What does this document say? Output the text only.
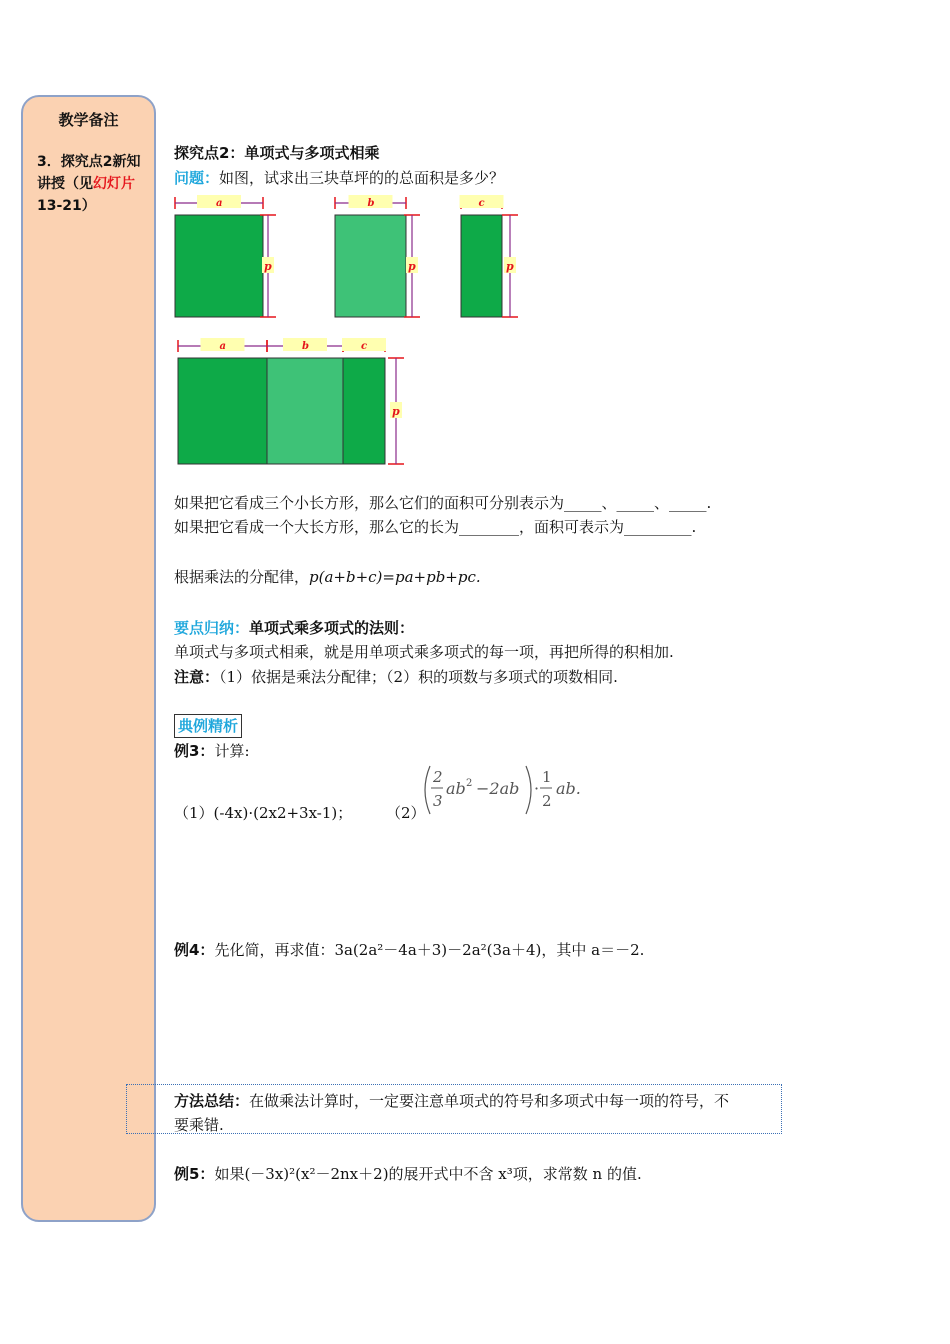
教学备注
3．探究点2新知讲授（见幻灯片13-21）
探究点2：单项式与多项式相乘
问题：如图，试求出三块草坪的的总面积是多少？
a
p
a	b	c
p
b
p
c
p
如果把它看成三个小长方形，那么它们的面积可分别表示为_____、_____、_____.
如果把它看成一个大长方形，那么它的长为________，面积可表示为_________.
根据乘法的分配律，p(a+b+c)=pa+pb+pc.
要点归纳：单项式乘多项式的法则：
单项式与多项式相乘，就是用单项式乘多项式的每一项，再把所得的积相加.
注意：（1）依据是乘法分配律；（2）积的项数与多项式的项数相同.
典例精析
例3：计算:
（1）(-4x)·(2x2+3x-1)； （2）
2
3
ab 2 −2ab ·
1
2
ab.
例4：先化简，再求值：3a(2a²－4a＋3)－2a²(3a＋4)，其中 a＝－2.
方法总结：在做乘法计算时，一定要注意单项式的符号和多项式中每一项的符号，不
要乘错.
例5：如果(－3x)²(x²－2nx＋2)的展开式中不含 x³项，求常数 n 的值.
